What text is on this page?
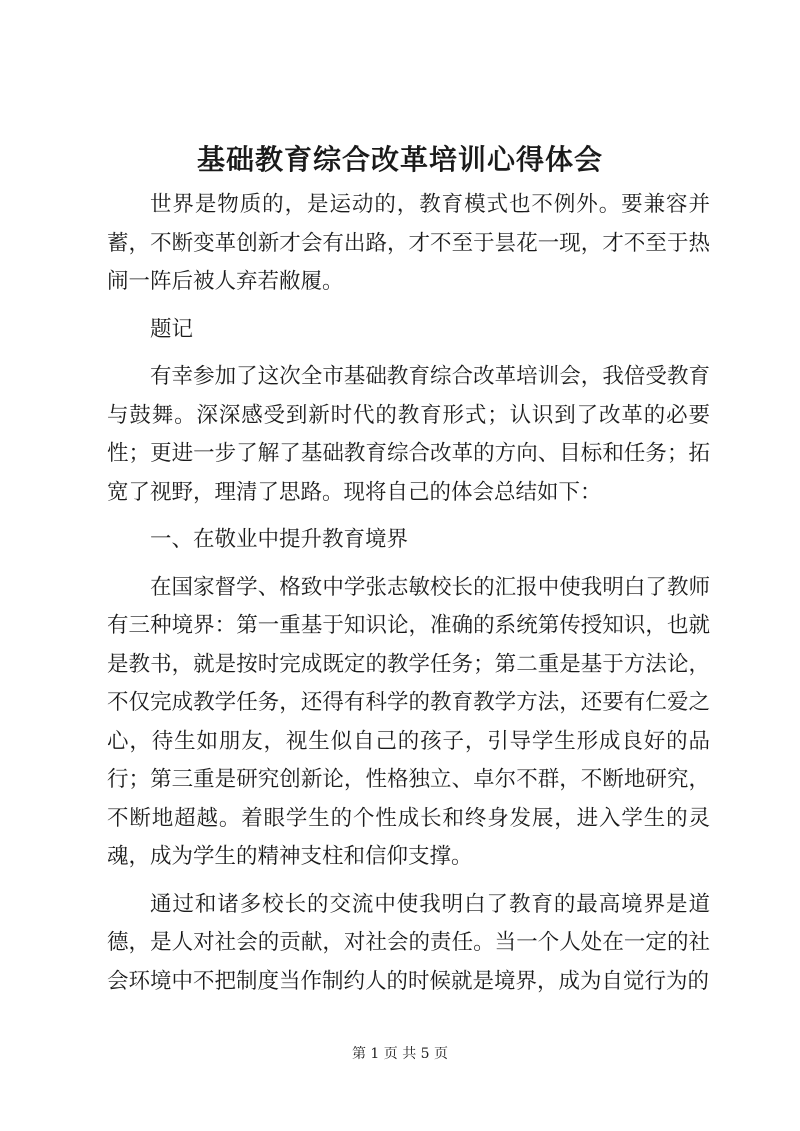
基础教育综合改革培训心得体会

世界是物质的，是运动的，教育模式也不例外。要兼容并蓄，不断变革创新才会有出路，才不至于昙花一现，才不至于热闹一阵后被人弃若敝履。

题记

有幸参加了这次全市基础教育综合改革培训会，我倍受教育与鼓舞。深深感受到新时代的教育形式；认识到了改革的必要性；更进一步了解了基础教育综合改革的方向、目标和任务；拓宽了视野，理清了思路。现将自己的体会总结如下：

一、在敬业中提升教育境界

在国家督学、格致中学张志敏校长的汇报中使我明白了教师有三种境界：第一重基于知识论，准确的系统第传授知识，也就是教书，就是按时完成既定的教学任务；第二重是基于方法论，不仅完成教学任务，还得有科学的教育教学方法，还要有仁爱之心，待生如朋友，视生似自己的孩子，引导学生形成良好的品行；第三重是研究创新论，性格独立、卓尔不群，不断地研究，不断地超越。着眼学生的个性成长和终身发展，进入学生的灵魂，成为学生的精神支柱和信仰支撑。

通过和诸多校长的交流中使我明白了教育的最高境界是道德，是人对社会的贡献，对社会的责任。当一个人处在一定的社会环境中不把制度当作制约人的时候就是境界，成为自觉行为的

第 1 页 共 5 页
